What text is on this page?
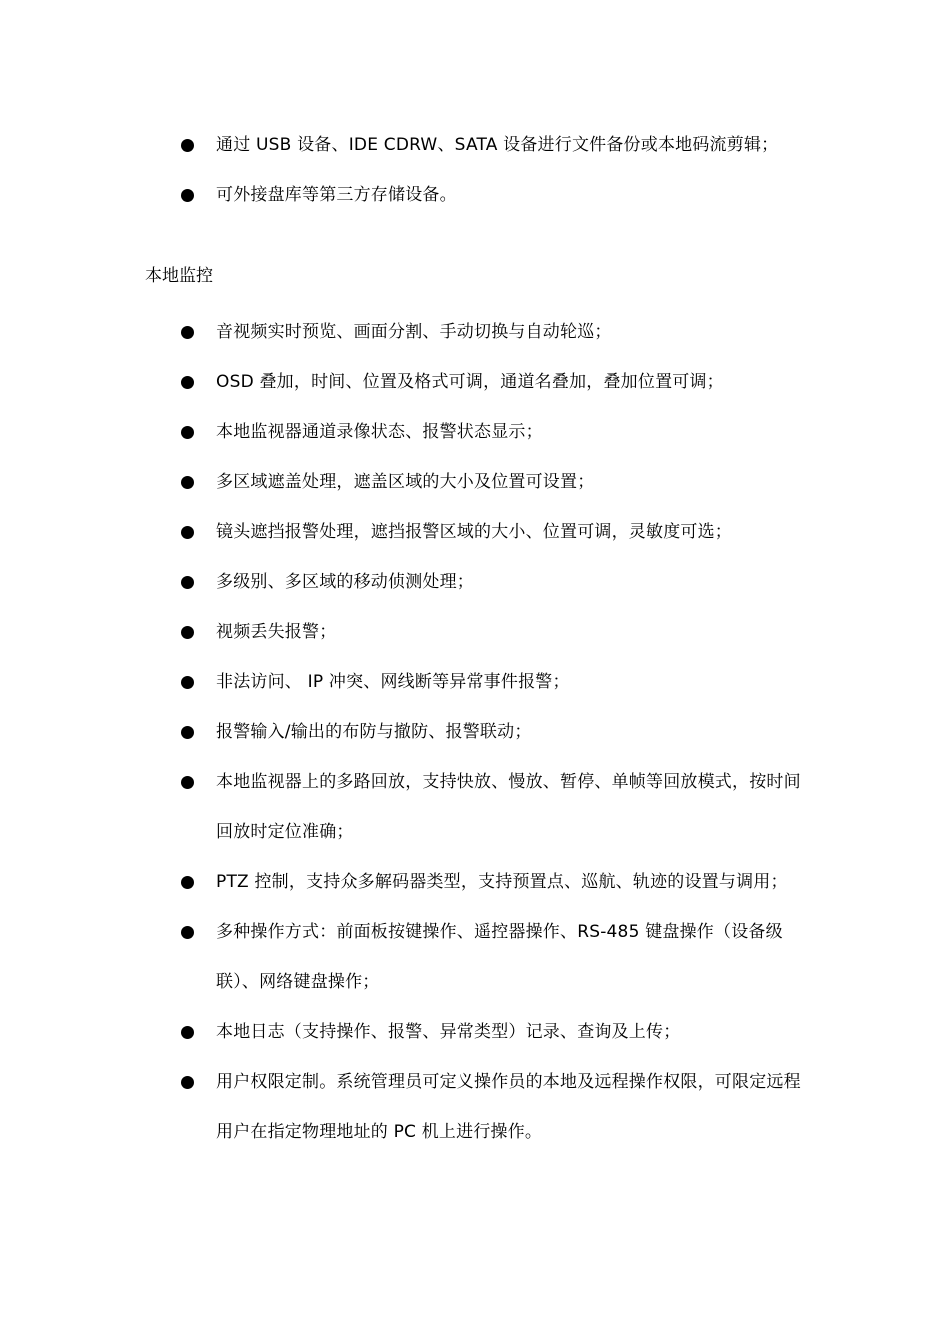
通过 USB 设备、IDE CDRW、SATA 设备进行文件备份或本地码流剪辑；
可外接盘库等第三方存储设备。
本地监控
音视频实时预览、画面分割、手动切换与自动轮巡；
OSD 叠加，时间、位置及格式可调，通道名叠加，叠加位置可调；
本地监视器通道录像状态、报警状态显示；
多区域遮盖处理，遮盖区域的大小及位置可设置；
镜头遮挡报警处理，遮挡报警区域的大小、位置可调，灵敏度可选；
多级别、多区域的移动侦测处理；
视频丢失报警；
非法访问、 IP 冲突、网线断等异常事件报警；
报警输入/输出的布防与撤防、报警联动；
本地监视器上的多路回放，支持快放、慢放、暂停、单帧等回放模式，按时间回放时定位准确；
PTZ 控制，支持众多解码器类型，支持预置点、巡航、轨迹的设置与调用；
多种操作方式：前面板按键操作、遥控器操作、RS-485 键盘操作（设备级联）、网络键盘操作；
本地日志（支持操作、报警、异常类型）记录、查询及上传；
用户权限定制。系统管理员可定义操作员的本地及远程操作权限，可限定远程用户在指定物理地址的 PC 机上进行操作。
